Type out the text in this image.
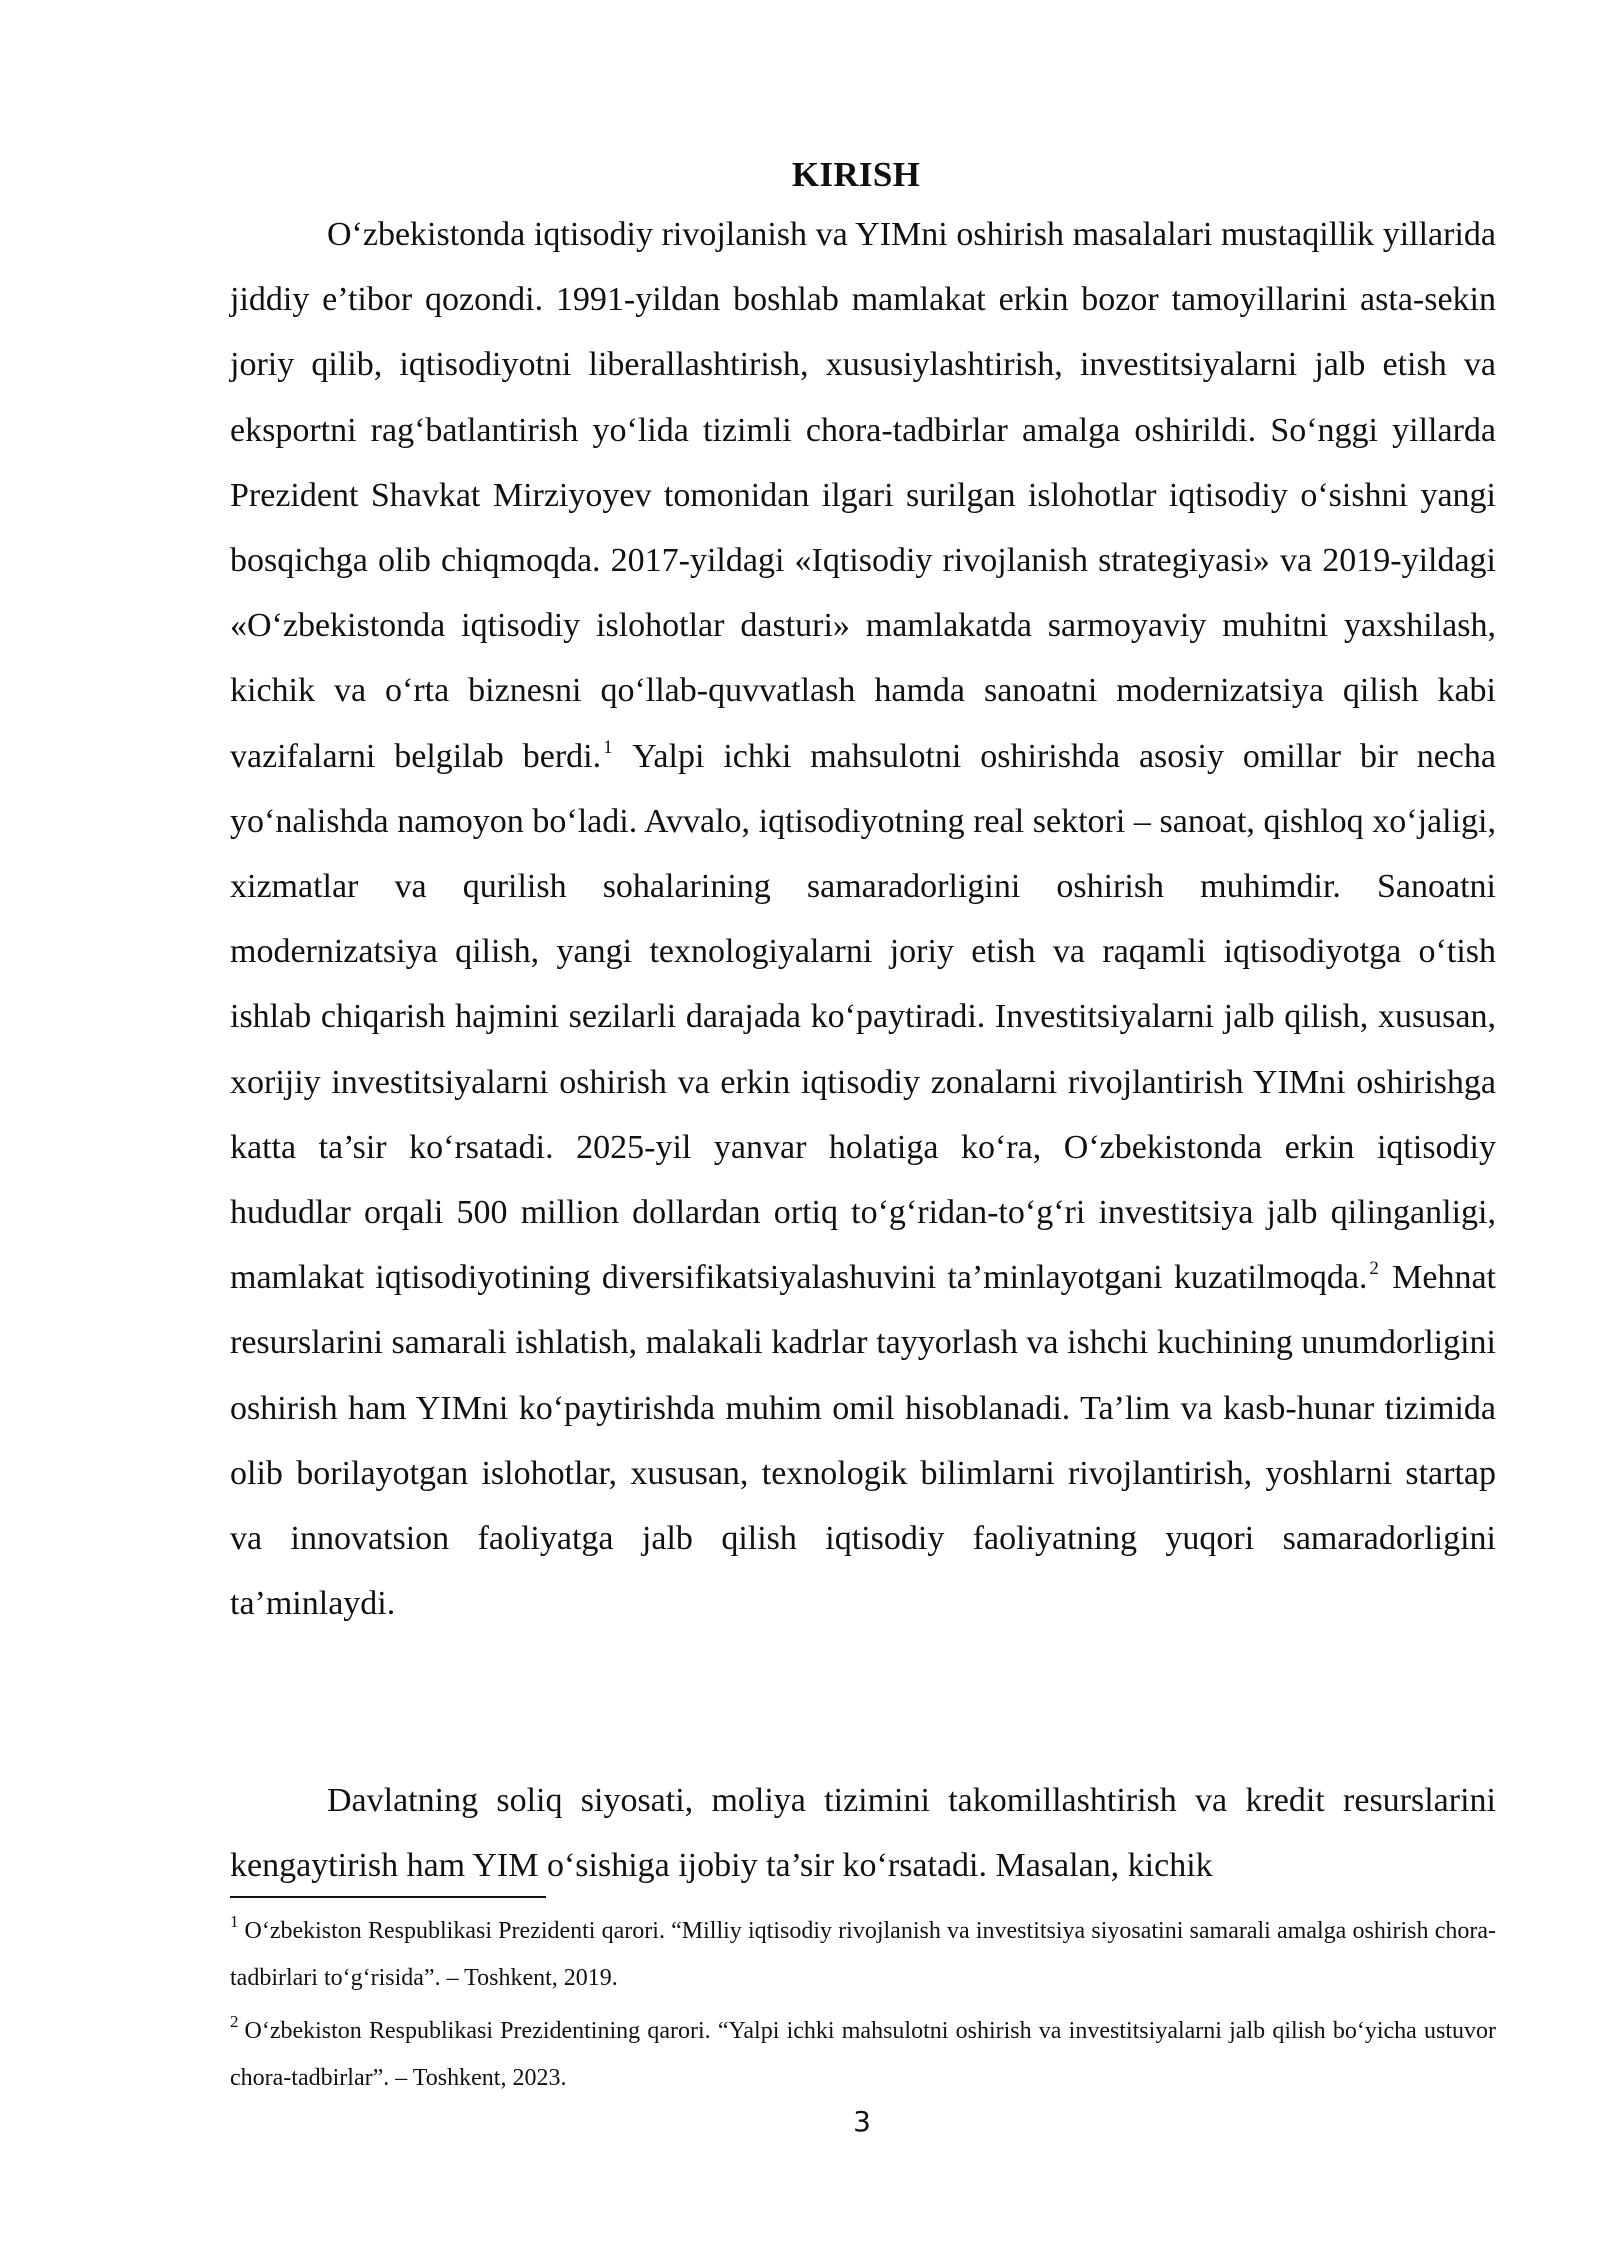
KIRISH

O‘zbekistonda iqtisodiy rivojlanish va YIMni oshirish masalalari mustaqillik yillarida jiddiy e’tibor qozondi. 1991-yildan boshlab mamlakat erkin bozor tamoyillarini asta-sekin joriy qilib, iqtisodiyotni liberallashtirish, xususiylashtirish, investitsiyalarni jalb etish va eksportni rag‘batlantirish yo‘lida tizimli chora-tadbirlar amalga oshirildi. So‘nggi yillarda Prezident Shavkat Mirziyoyev tomonidan ilgari surilgan islohotlar iqtisodiy o‘sishni yangi bosqichga olib chiqmoqda. 2017-yildagi «Iqtisodiy rivojlanish strategiyasi» va 2019-yildagi «O‘zbekistonda iqtisodiy islohotlar dasturi» mamlakatda sarmoyaviy muhitni yaxshilash, kichik va o‘rta biznesni qo‘llab-quvvatlash hamda sanoatni modernizatsiya qilish kabi vazifalarni belgilab berdi. $^1$ Yalpi ichki mahsulotni oshirishda asosiy omillar bir necha yo‘nalishda namoyon bo‘ladi. Avvalo, iqtisodiyotning real sektori – sanoat, qishloq xo‘jaligi, xizmatlar va qurilish sohalarining samaradorligini oshirish muhimdir. Sanoatni modernizatsiya qilish, yangi texnologiyalarni joriy etish va raqamli iqtisodiyotga o‘tish ishlab chiqarish hajmini sezilarli darajada ko‘paytiradi. Investitsiyalarni jalb qilish, xususan, xorijiy investitsiyalarni oshirish va erkin iqtisodiy zonalarni rivojlantirish YIMni oshirishga katta ta’sir ko‘rsatadi. 2025-yil yanvar holatiga ko‘ra, O‘zbekistonda erkin iqtisodiy hududlar orqali 500 million dollardan ortiq to‘g‘ridan-to‘g‘ri investitsiya jalb qilinganligi, mamlakat iqtisodiyotining diversifikatsiyalashuvini ta’minlayotgani kuzatilmoqda. $^2$ Mehnat resurslarini samarali ishlatish, malakali kadrlar tayyorlash va ishchi kuchining unumdorligini oshirish ham YIMni ko‘paytirishda muhim omil hisoblanadi. Ta’lim va kasb-hunar tizimida olib borilayotgan islohotlar, xususan, texnologik bilimlarni rivojlantirish, yoshlarni startap va innovatsion faoliyatga jalb qilish iqtisodiy faoliyatning yuqori samaradorligini ta’minlaydi.

Davlatning soliq siyosati, moliya tizimini takomillashtirish va kredit resurslarini kengaytirish ham YIM o‘sishiga ijobiy ta’sir ko‘rsatadi. Masalan, kichik

$^1$ O‘zbekiston Respublikasi Prezidenti qarori. “Milliy iqtisodiy rivojlanish va investitsiya siyosatini samarali amalga oshirish chora-tadbirlari to‘g‘risida”. – Toshkent, 2019.

$^2$ O‘zbekiston Respublikasi Prezidentining qarori. “Yalpi ichki mahsulotni oshirish va investitsiyalarni jalb qilish bo‘yicha ustuvor chora-tadbirlar”. – Toshkent, 2023.

3
